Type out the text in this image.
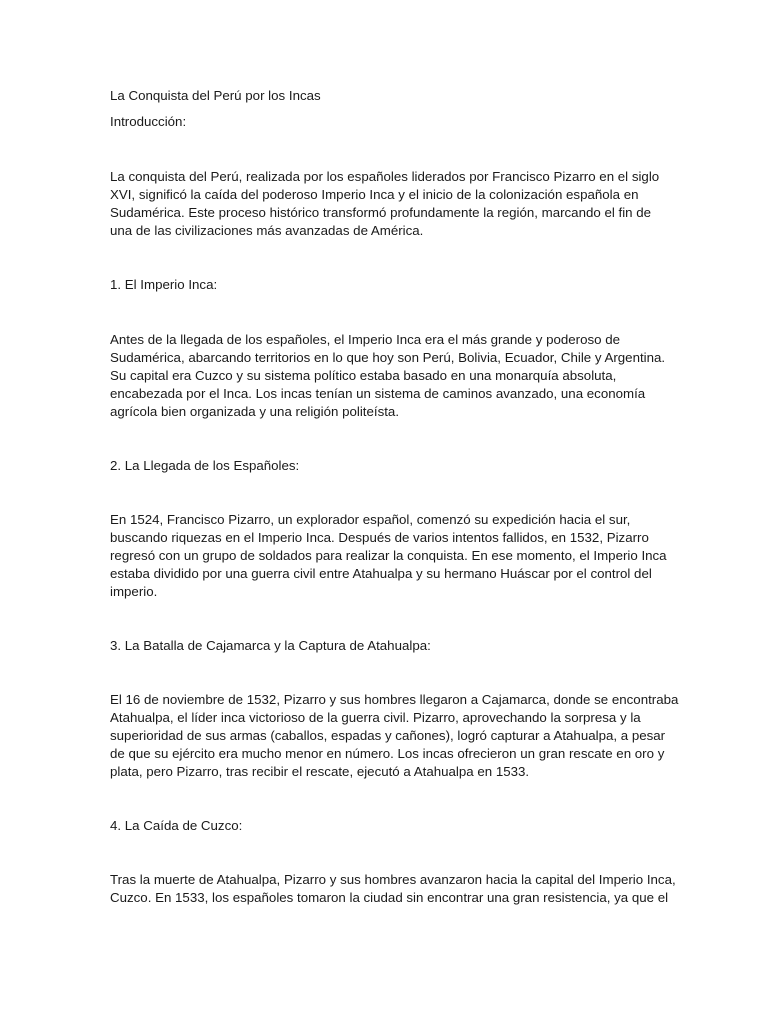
La Conquista del Perú por los Incas
Introducción:
La conquista del Perú, realizada por los españoles liderados por Francisco Pizarro en el siglo
XVI, significó la caída del poderoso Imperio Inca y el inicio de la colonización española en
Sudamérica. Este proceso histórico transformó profundamente la región, marcando el fin de
una de las civilizaciones más avanzadas de América.
1. El Imperio Inca:
Antes de la llegada de los españoles, el Imperio Inca era el más grande y poderoso de
Sudamérica, abarcando territorios en lo que hoy son Perú, Bolivia, Ecuador, Chile y Argentina.
Su capital era Cuzco y su sistema político estaba basado en una monarquía absoluta,
encabezada por el Inca. Los incas tenían un sistema de caminos avanzado, una economía
agrícola bien organizada y una religión politeísta.
2. La Llegada de los Españoles:
En 1524, Francisco Pizarro, un explorador español, comenzó su expedición hacia el sur,
buscando riquezas en el Imperio Inca. Después de varios intentos fallidos, en 1532, Pizarro
regresó con un grupo de soldados para realizar la conquista. En ese momento, el Imperio Inca
estaba dividido por una guerra civil entre Atahualpa y su hermano Huáscar por el control del
imperio.
3. La Batalla de Cajamarca y la Captura de Atahualpa:
El 16 de noviembre de 1532, Pizarro y sus hombres llegaron a Cajamarca, donde se encontraba
Atahualpa, el líder inca victorioso de la guerra civil. Pizarro, aprovechando la sorpresa y la
superioridad de sus armas (caballos, espadas y cañones), logró capturar a Atahualpa, a pesar
de que su ejército era mucho menor en número. Los incas ofrecieron un gran rescate en oro y
plata, pero Pizarro, tras recibir el rescate, ejecutó a Atahualpa en 1533.
4. La Caída de Cuzco:
Tras la muerte de Atahualpa, Pizarro y sus hombres avanzaron hacia la capital del Imperio Inca,
Cuzco. En 1533, los españoles tomaron la ciudad sin encontrar una gran resistencia, ya que el
